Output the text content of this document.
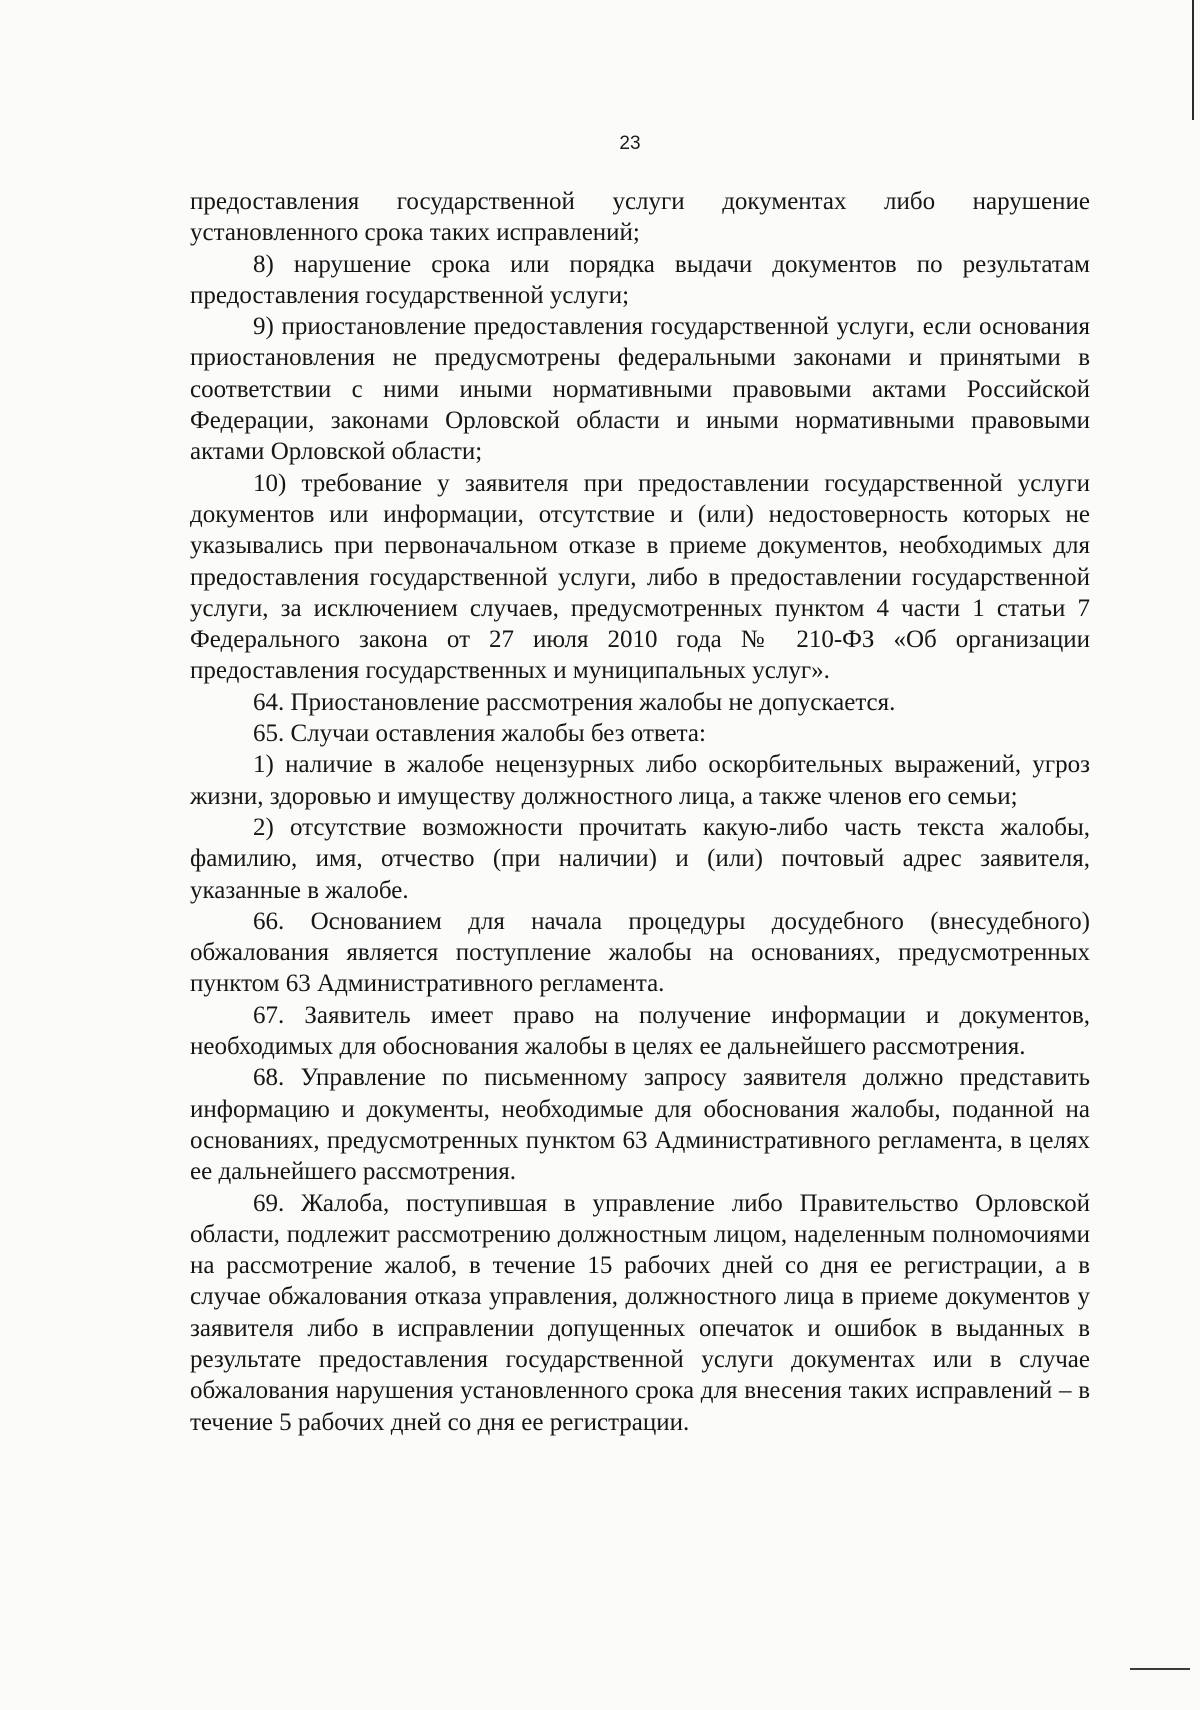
23

предоставления государственной услуги документах либо нарушение установленного срока таких исправлений;

8) нарушение срока или порядка выдачи документов по результатам предоставления государственной услуги;

9) приостановление предоставления государственной услуги, если основания приостановления не предусмотрены федеральными законами и принятыми в соответствии с ними иными нормативными правовыми актами Российской Федерации, законами Орловской области и иными нормативными правовыми актами Орловской области;

10) требование у заявителя при предоставлении государственной услуги документов или информации, отсутствие и (или) недостоверность которых не указывались при первоначальном отказе в приеме документов, необходимых для предоставления государственной услуги, либо в предоставлении государственной услуги, за исключением случаев, предусмотренных пунктом 4 части 1 статьи 7 Федерального закона от 27 июля 2010 года № 210-ФЗ «Об организации предоставления государственных и муниципальных услуг».

64. Приостановление рассмотрения жалобы не допускается.

65. Случаи оставления жалобы без ответа:

1) наличие в жалобе нецензурных либо оскорбительных выражений, угроз жизни, здоровью и имуществу должностного лица, а также членов его семьи;

2) отсутствие возможности прочитать какую-либо часть текста жалобы, фамилию, имя, отчество (при наличии) и (или) почтовый адрес заявителя, указанные в жалобе.

66. Основанием для начала процедуры досудебного (внесудебного) обжалования является поступление жалобы на основаниях, предусмотренных пунктом 63 Административного регламента.

67. Заявитель имеет право на получение информации и документов, необходимых для обоснования жалобы в целях ее дальнейшего рассмотрения.

68. Управление по письменному запросу заявителя должно представить информацию и документы, необходимые для обоснования жалобы, поданной на основаниях, предусмотренных пунктом 63 Административного регламента, в целях ее дальнейшего рассмотрения.

69. Жалоба, поступившая в управление либо Правительство Орловской области, подлежит рассмотрению должностным лицом, наделенным полномочиями на рассмотрение жалоб, в течение 15 рабочих дней со дня ее регистрации, а в случае обжалования отказа управления, должностного лица в приеме документов у заявителя либо в исправлении допущенных опечаток и ошибок в выданных в результате предоставления государственной услуги документах или в случае обжалования нарушения установленного срока для внесения таких исправлений – в течение 5 рабочих дней со дня ее регистрации.
